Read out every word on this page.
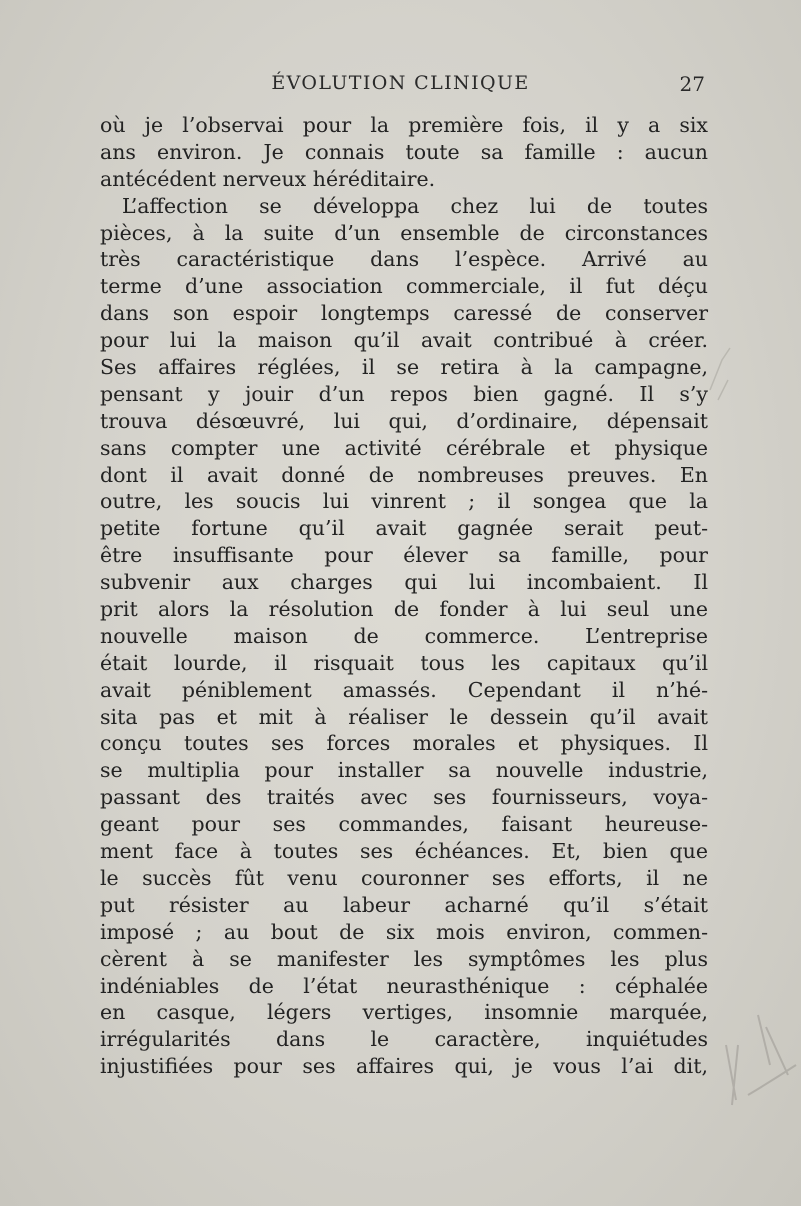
ÉVOLUTION CLINIQUE	27
où je l’observai pour la première fois, il y a six
ans environ. Je connais toute sa famille : aucun
antécédent nerveux héréditaire.
L’affection se développa chez lui de toutes
pièces, à la suite d’un ensemble de circonstances
très caractéristique dans l’espèce. Arrivé au
terme d’une association commerciale, il fut déçu
dans son espoir longtemps caressé de conserver
pour lui la maison qu’il avait contribué à créer.
Ses affaires réglées, il se retira à la campagne,
pensant y jouir d’un repos bien gagné. Il s’y
trouva désœuvré, lui qui, d’ordinaire, dépensait
sans compter une activité cérébrale et physique
dont il avait donné de nombreuses preuves. En
outre, les soucis lui vinrent ; il songea que la
petite fortune qu’il avait gagnée serait peut-
être insuffisante pour élever sa famille, pour
subvenir aux charges qui lui incombaient. Il
prit alors la résolution de fonder à lui seul une
nouvelle maison de commerce. L’entreprise
était lourde, il risquait tous les capitaux qu’il
avait péniblement amassés. Cependant il n’hé-
sita pas et mit à réaliser le dessein qu’il avait
conçu toutes ses forces morales et physiques. Il
se multiplia pour installer sa nouvelle industrie,
passant des traités avec ses fournisseurs, voya-
geant pour ses commandes, faisant heureuse-
ment face à toutes ses échéances. Et, bien que
le succès fût venu couronner ses efforts, il ne
put résister au labeur acharné qu’il s’était
imposé ; au bout de six mois environ, commen-
cèrent à se manifester les symptômes les plus
indéniables de l’état neurasthénique : céphalée
en casque, légers vertiges, insomnie marquée,
irrégularités dans le caractère, inquiétudes
injustifiées pour ses affaires qui, je vous l’ai dit,
